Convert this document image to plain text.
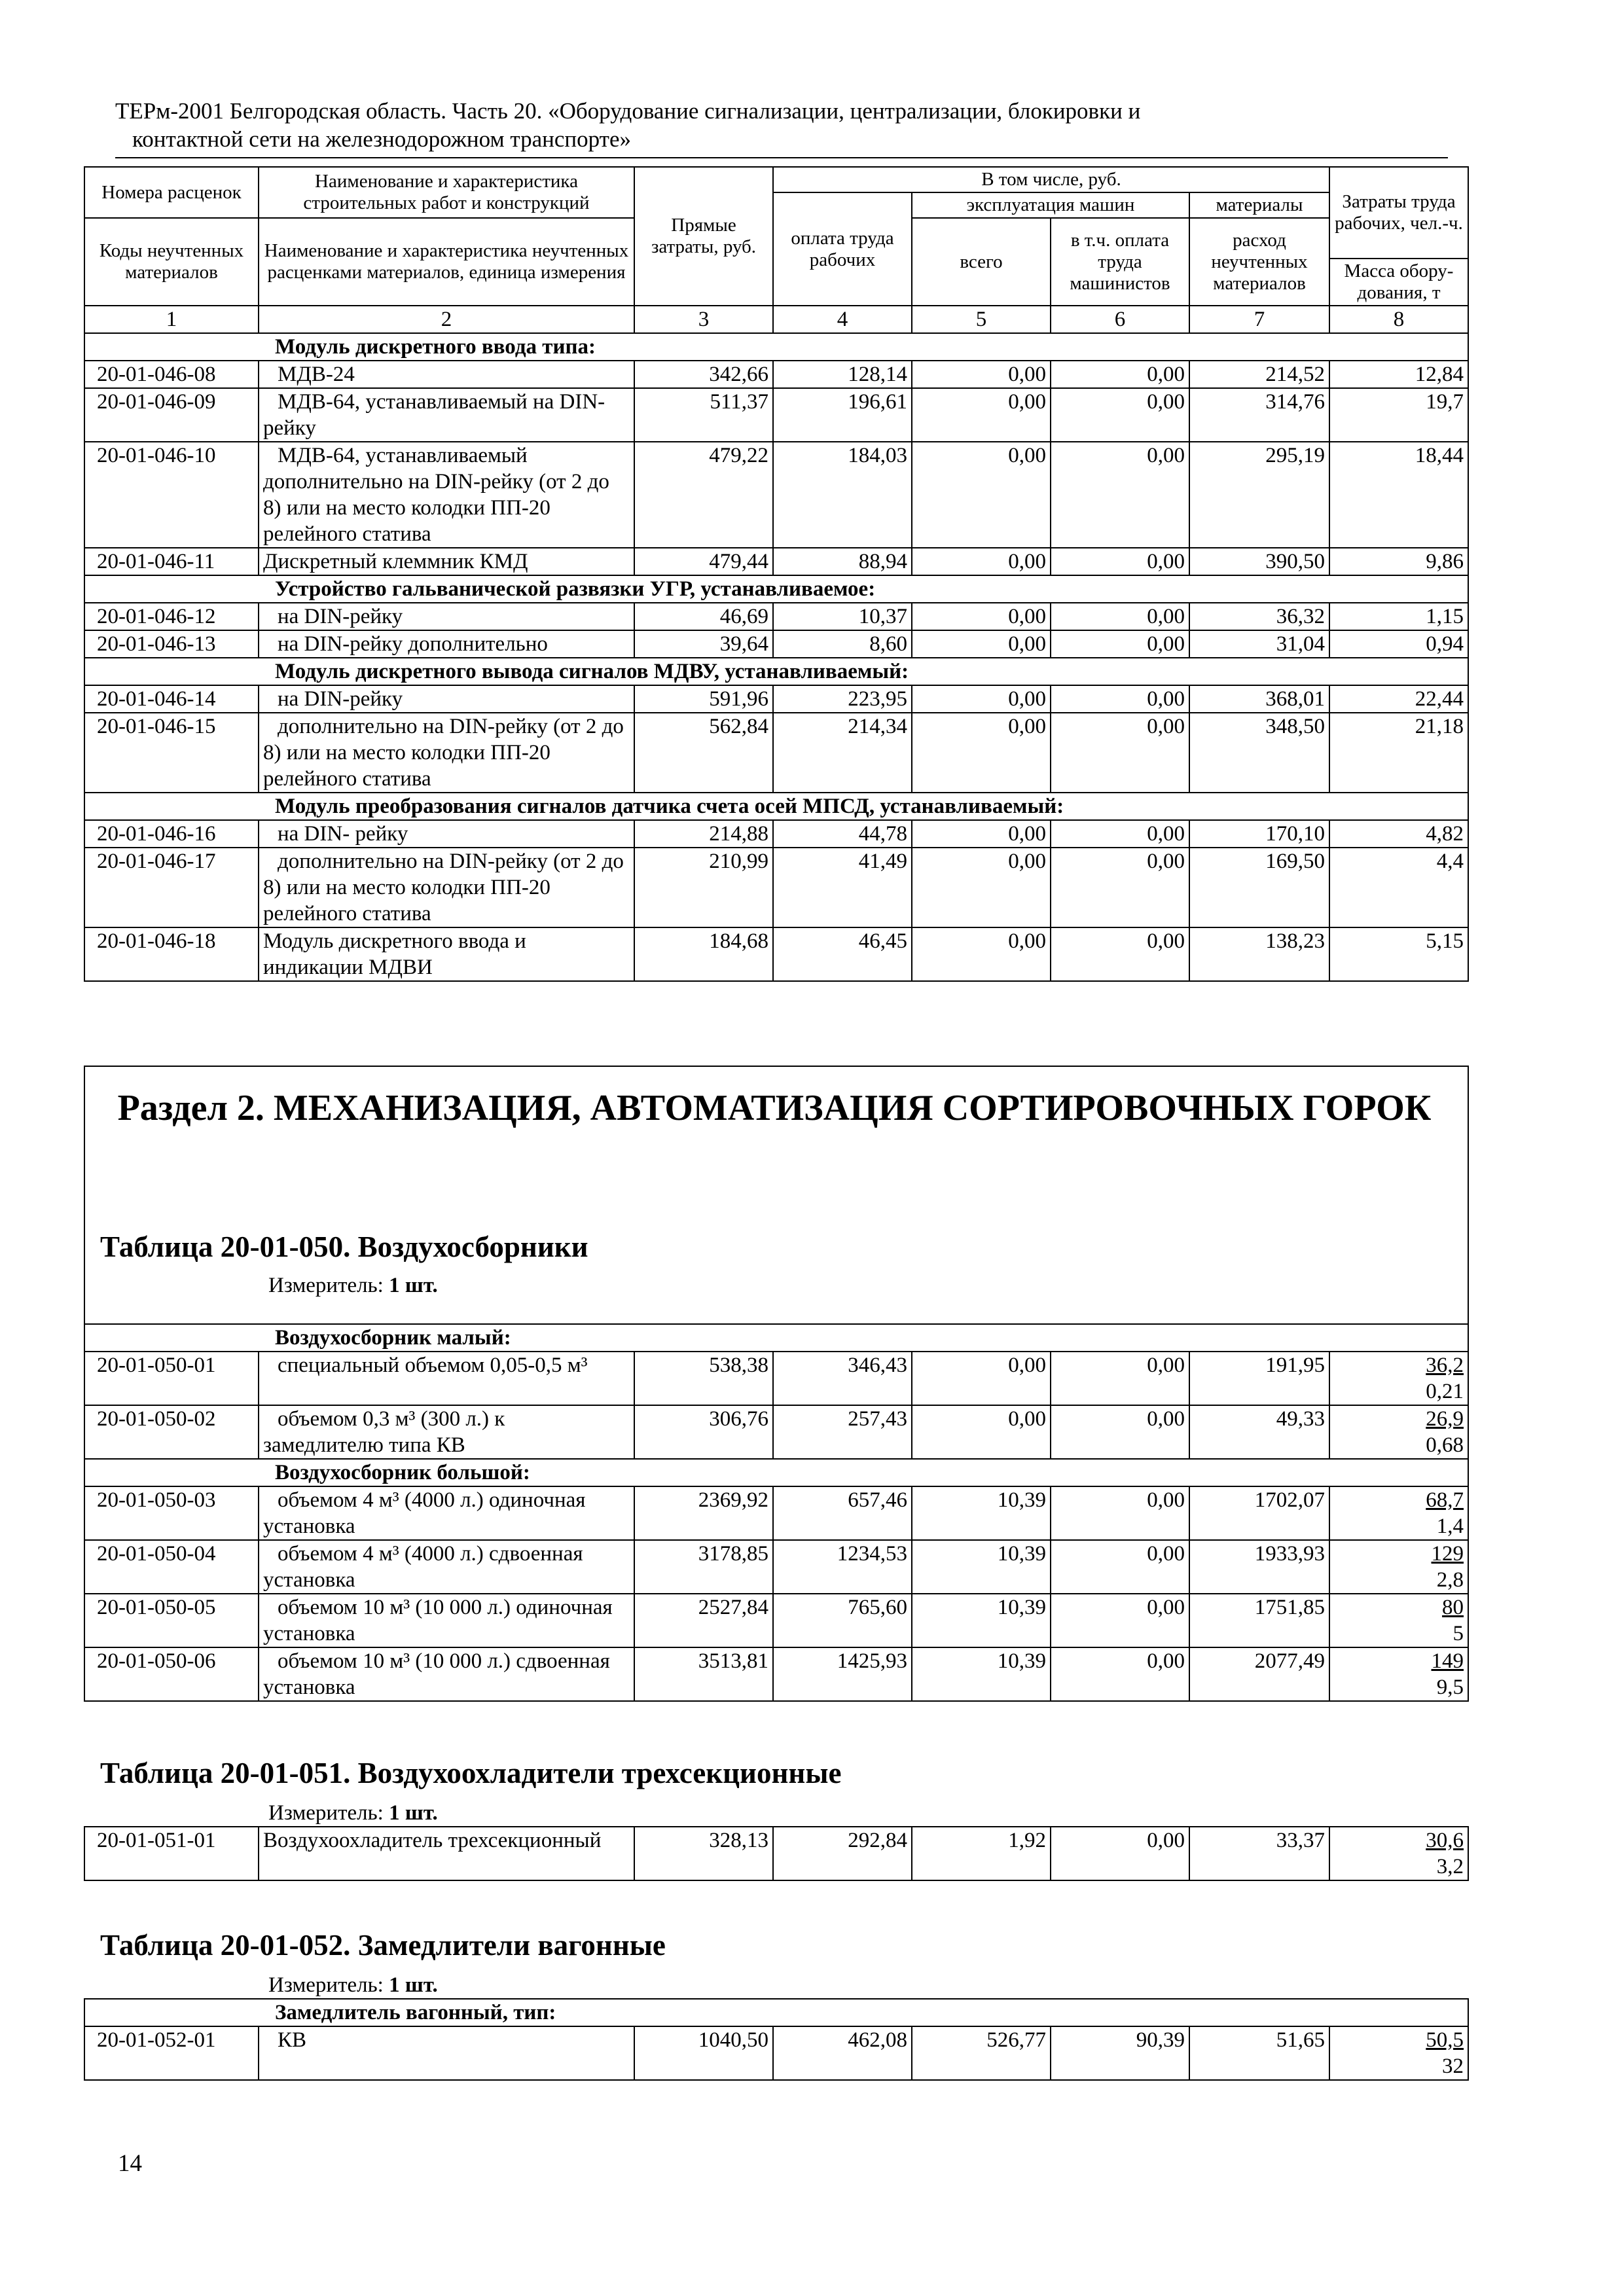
ТЕРм-2001 Белгородская область. Часть 20. «Оборудование сигнализации, централизации, блокировки и
контактной сети на железнодорожном транспорте»
Номера расценок	Наименование и характеристика строительных работ и конструкций	Прямые затраты, руб.	В том числе, руб.				Затраты труда рабочих, чел.-ч.
			оплата труда рабочих	эксплуатация машин		материалы	
Коды неучтенных материалов	Наименование и характеристика неучтенных расценками материалов, единица измерения			всего	в т.ч. оплата труда машинистов	расход неучтенных материалов	
							Масса обору-дования, т
1	2	3	4	5	6	7	8
Модуль дискретного ввода типа:							
20-01-046-08	МДВ-24	342,66	128,14	0,00	0,00	214,52	12,84
20-01-046-09	МДВ-64, устанавливаемый на DIN-рейку	511,37	196,61	0,00	0,00	314,76	19,7
20-01-046-10	МДВ-64, устанавливаемый дополнительно на DIN-рейку (от 2 до 8) или на место колодки ПП-20 релейного статива	479,22	184,03	0,00	0,00	295,19	18,44
20-01-046-11	Дискретный клеммник КМД	479,44	88,94	0,00	0,00	390,50	9,86
Устройство гальванической развязки УГР, устанавливаемое:							
20-01-046-12	на DIN-рейку	46,69	10,37	0,00	0,00	36,32	1,15
20-01-046-13	на DIN-рейку дополнительно	39,64	8,60	0,00	0,00	31,04	0,94
Модуль дискретного вывода сигналов МДВУ, устанавливаемый:							
20-01-046-14	на DIN-рейку	591,96	223,95	0,00	0,00	368,01	22,44
20-01-046-15	дополнительно на DIN-рейку (от 2 до 8) или на место колодки ПП-20 релейного статива	562,84	214,34	0,00	0,00	348,50	21,18
Модуль преобразования сигналов датчика счета осей МПСД, устанавливаемый:							
20-01-046-16	на DIN- рейку	214,88	44,78	0,00	0,00	170,10	4,82
20-01-046-17	дополнительно на DIN-рейку (от 2 до 8) или на место колодки ПП-20 релейного статива	210,99	41,49	0,00	0,00	169,50	4,4
20-01-046-18	Модуль дискретного ввода и индикации МДВИ	184,68	46,45	0,00	0,00	138,23	5,15

Воздухосборник малый:							
20-01-050-01	специальный объемом 0,05-0,5 м³	538,38	346,43	0,00	0,00	191,95	36,2
0,21
20-01-050-02	объемом 0,3 м³ (300 л.) к замедлителю типа КВ	306,76	257,43	0,00	0,00	49,33	26,9
0,68
Воздухосборник большой:							
20-01-050-03	объемом 4 м³ (4000 л.) одиночная установка	2369,92	657,46	10,39	0,00	1702,07	68,7
1,4
20-01-050-04	объемом 4 м³ (4000 л.) сдвоенная установка	3178,85	1234,53	10,39	0,00	1933,93	129
2,8
20-01-050-05	объемом 10 м³ (10 000 л.) одиночная установка	2527,84	765,60	10,39	0,00	1751,85	80
5
20-01-050-06	объемом 10 м³ (10 000 л.) сдвоенная установка	3513,81	1425,93	10,39	0,00	2077,49	149
9,5
Раздел 2. МЕХАНИЗАЦИЯ, АВТОМАТИЗАЦИЯ СОРТИРОВОЧНЫХ ГОРОК
Таблица 20-01-050. Воздухосборники
Измеритель: 1 шт.
Таблица 20-01-051. Воздухоохладители трехсекционные
Измеритель: 1 шт.
20-01-051-01	Воздухоохладитель трехсекционный	328,13	292,84	1,92	0,00	33,37	30,6
3,2
Таблица 20-01-052. Замедлители вагонные
Измеритель: 1 шт.
Замедлитель вагонный, тип:
20-01-052-01	КВ	1040,50	462,08	526,77	90,39	51,65	50,5
32
14
